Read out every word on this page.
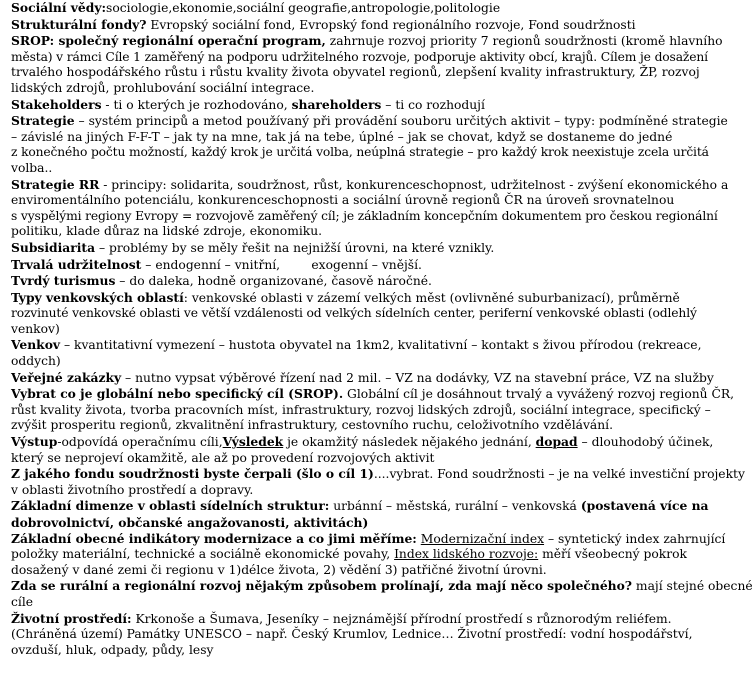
Sociální vědy:sociologie,ekonomie,sociální geografie,antropologie,politologie
Strukturální fondy? Evropský sociální fond, Evropský fond regionálního rozvoje, Fond soudržnosti
SROP: společný regionální operační program, zahrnuje rozvoj priority 7 regionů soudržnosti (kromě hlavního
města) v rámci Cíle 1 zaměřený na podporu udržitelného rozvoje, podporuje aktivity obcí, krajů. Cílem je dosažení
trvalého hospodářského růstu i růstu kvality života obyvatel regionů, zlepšení kvality infrastruktury, ŽP, rozvoj
lidských zdrojů, prohlubování sociální integrace.
Stakeholders - ti o kterých je rozhodováno, shareholders – ti co rozhodují
Strategie – systém principů a metod používaný při provádění souboru určitých aktivit – typy: podmíněné strategie
– závislé na jiných F-F-T – jak ty na mne, tak já na tebe, úplné – jak se chovat, když se dostaneme do jedné
z konečného počtu možností, každý krok je určitá volba, neúplná strategie – pro každý krok neexistuje zcela určitá
volba..
Strategie RR - principy: solidarita, soudržnost, růst, konkurenceschopnost, udržitelnost - zvýšení ekonomického a
enviromentálního potenciálu, konkurenceschopnosti a sociální úrovně regionů ČR na úroveň srovnatelnou
s vyspělými regiony Evropy = rozvojově zaměřený cíl; je základním koncepčním dokumentem pro českou regionální
politiku, klade důraz na lidské zdroje, ekonomiku.
Subsidiarita – problémy by se měly řešit na nejnižší úrovni, na které vznikly.
Trvalá udržitelnost – endogenní – vnitřní,        exogenní – vnější.
Tvrdý turismus – do daleka, hodně organizované, časově náročné.
Typy venkovských oblastí: venkovské oblasti v zázemí velkých měst (ovlivněné suburbanizací), průměrně
rozvinuté venkovské oblasti ve větší vzdálenosti od velkých sídelních center, periferní venkovské oblasti (odlehlý
venkov)
Venkov – kvantitativní vymezení – hustota obyvatel na 1km2, kvalitativní – kontakt s živou přírodou (rekreace,
oddych)
Veřejné zakázky – nutno vypsat výběrové řízení nad 2 mil. – VZ na dodávky, VZ na stavební práce, VZ na služby
Vybrat co je globální nebo specifický cíl (SROP). Globální cíl je dosáhnout trvalý a vyvážený rozvoj regionů ČR,
růst kvality života, tvorba pracovních míst, infrastruktury, rozvoj lidských zdrojů, sociální integrace, specifický –
zvýšit prosperitu regionů, zkvalitnění infrastruktury, cestovního ruchu, celoživotního vzdělávání.
Výstup-odpovídá operačnímu cíli,Výsledek je okamžitý následek nějakého jednání, dopad – dlouhodobý účinek,
který se neprojeví okamžitě, ale až po provedení rozvojových aktivit
Z jakého fondu soudržnosti byste čerpali (šlo o cíl 1)....vybrat. Fond soudržnosti – je na velké investiční projekty
v oblasti životního prostředí a dopravy.
Základní dimenze v oblasti sídelních struktur: urbánní – městská, rurální – venkovská (postavená více na
dobrovolnictví, občanské angažovanosti, aktivitách)
Základní obecné indikátory modernizace a co jimi měříme: Modernizační index – syntetický index zahrnující
položky materiální, technické a sociálně ekonomické povahy, Index lidského rozvoje: měří všeobecný pokrok
dosažený v dané zemi či regionu v 1)délce života, 2) vědění 3) patřičné životní úrovni.
Zda se rurální a regionální rozvoj nějakým způsobem prolínají, zda mají něco společného? mají stejné obecné
cíle
Životní prostředí: Krkonoše a Šumava, Jeseníky – nejznámější přírodní prostředí s různorodým reliéfem.
(Chráněná území) Památky UNESCO – např. Český Krumlov, Lednice… Životní prostředí: vodní hospodářství,
ovzduší, hluk, odpady, půdy, lesy
